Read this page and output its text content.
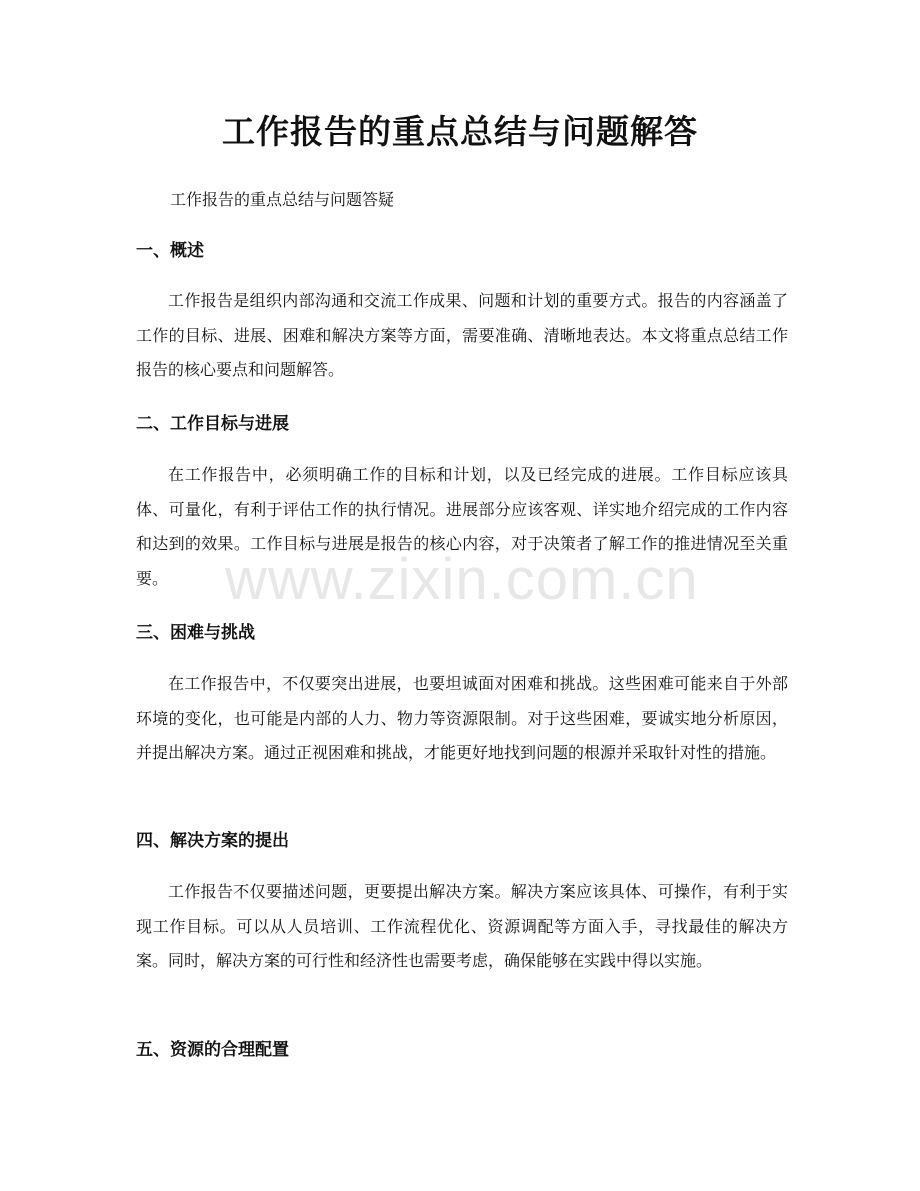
工作报告的重点总结与问题解答

工作报告的重点总结与问题答疑

一、概述

工作报告是组织内部沟通和交流工作成果、问题和计划的重要方式。报告的内容涵盖了工作的目标、进展、困难和解决方案等方面，需要准确、清晰地表达。本文将重点总结工作报告的核心要点和问题解答。

二、工作目标与进展

在工作报告中，必须明确工作的目标和计划，以及已经完成的进展。工作目标应该具体、可量化，有利于评估工作的执行情况。进展部分应该客观、详实地介绍完成的工作内容和达到的效果。工作目标与进展是报告的核心内容，对于决策者了解工作的推进情况至关重要。

三、困难与挑战

在工作报告中，不仅要突出进展，也要坦诚面对困难和挑战。这些困难可能来自于外部环境的变化，也可能是内部的人力、物力等资源限制。对于这些困难，要诚实地分析原因，并提出解决方案。通过正视困难和挑战，才能更好地找到问题的根源并采取针对性的措施。

四、解决方案的提出

工作报告不仅要描述问题，更要提出解决方案。解决方案应该具体、可操作，有利于实现工作目标。可以从人员培训、工作流程优化、资源调配等方面入手，寻找最佳的解决方案。同时，解决方案的可行性和经济性也需要考虑，确保能够在实践中得以实施。

五、资源的合理配置
www.zixin.com.cn
